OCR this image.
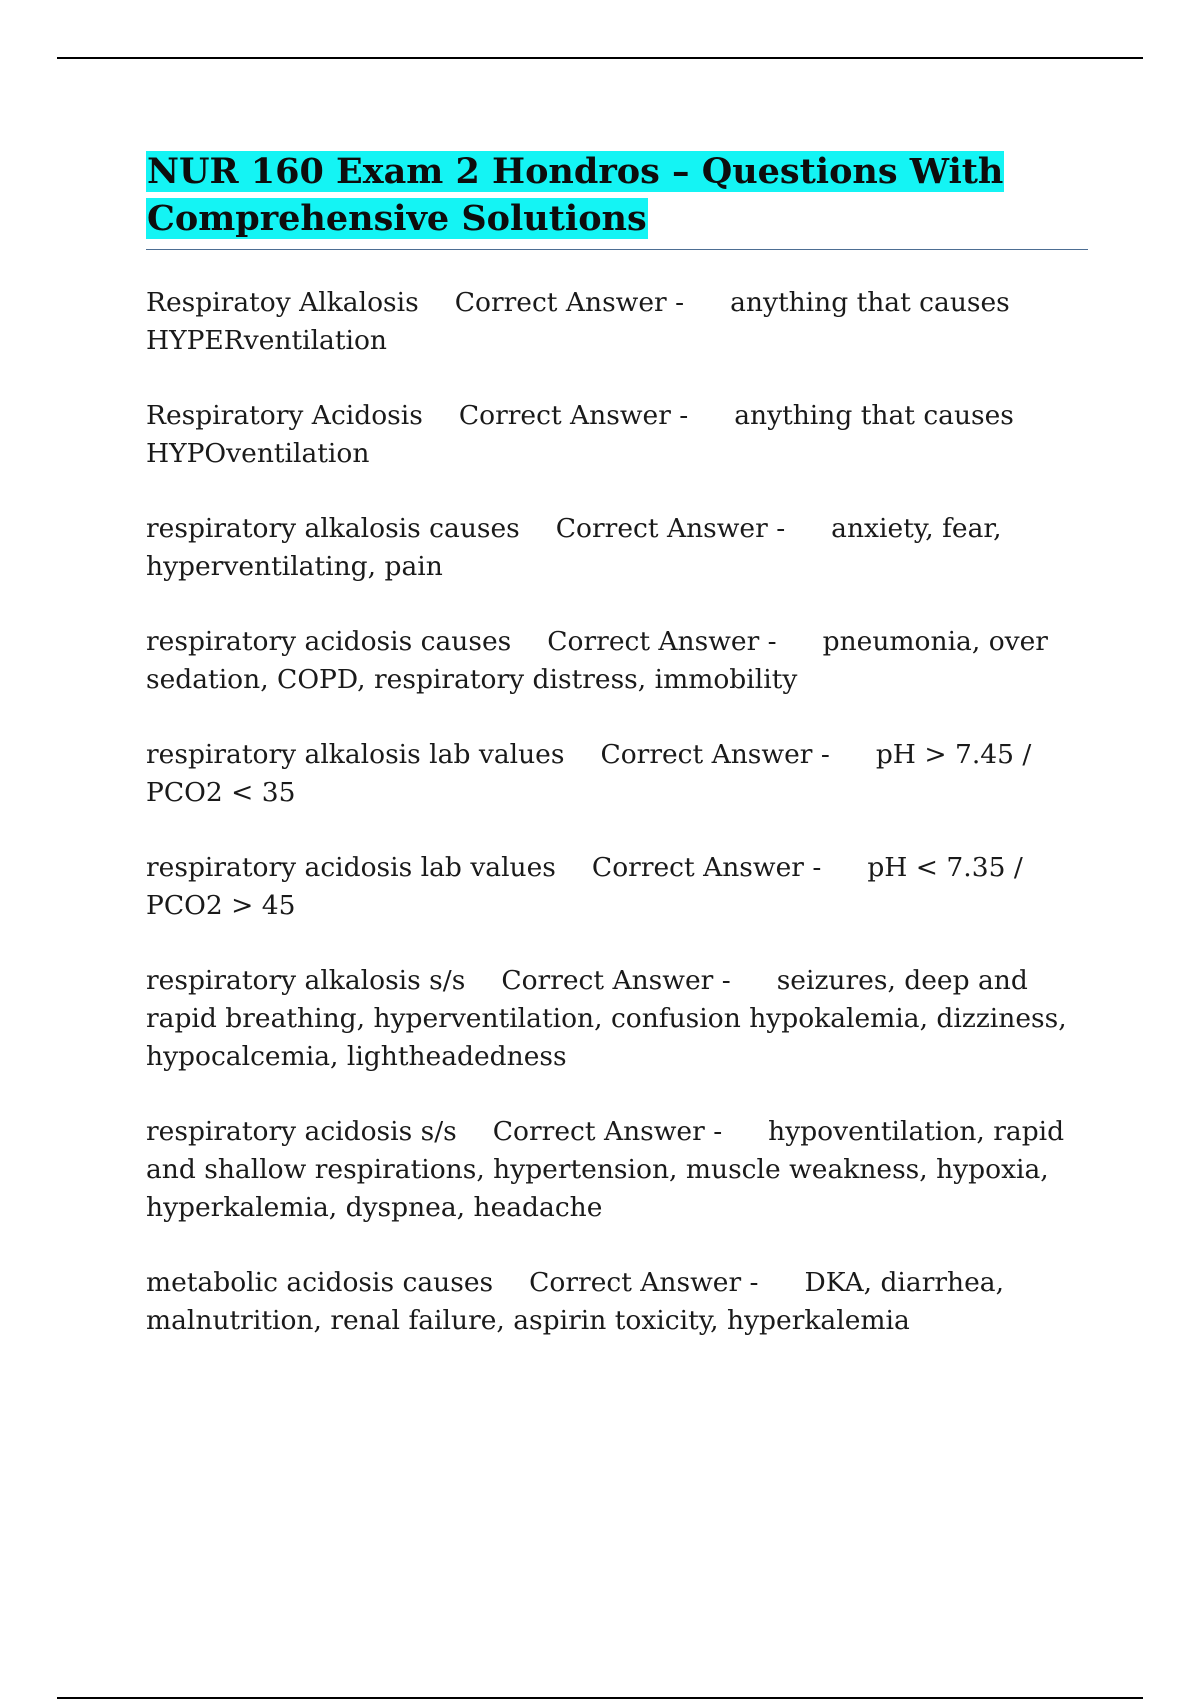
NUR 160 Exam 2 Hondros – Questions With
Comprehensive Solutions
Respiratoy Alkalosis Correct Answer - anything that causes HYPERventilation
Respiratory Acidosis Correct Answer - anything that causes HYPOventilation
respiratory alkalosis causes Correct Answer - anxiety, fear, hyperventilating, pain
respiratory acidosis causes Correct Answer - pneumonia, over sedation, COPD, respiratory distress, immobility
respiratory alkalosis lab values Correct Answer - pH > 7.45 / PCO2 < 35
respiratory acidosis lab values Correct Answer - pH < 7.35 / PCO2 > 45
respiratory alkalosis s/s Correct Answer - seizures, deep and rapid breathing, hyperventilation, confusion hypokalemia, dizziness, hypocalcemia, lightheadedness
respiratory acidosis s/s Correct Answer - hypoventilation, rapid and shallow respirations, hypertension, muscle weakness, hypoxia, hyperkalemia, dyspnea, headache
metabolic acidosis causes Correct Answer - DKA, diarrhea, malnutrition, renal failure, aspirin toxicity, hyperkalemia
